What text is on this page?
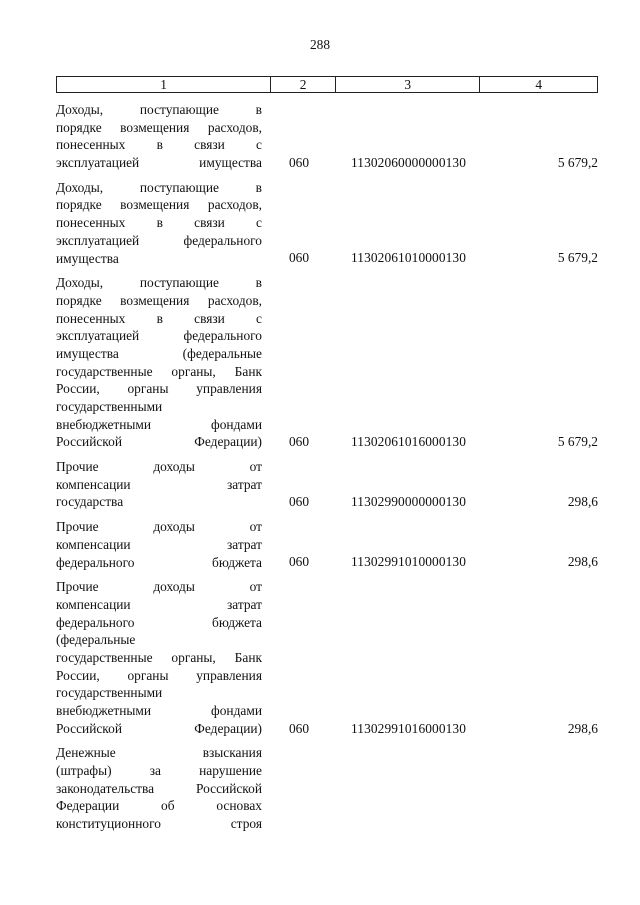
288
1	2	3	4
Доходы, поступающие в
порядке возмещения расходов,
понесенных в связи с
эксплуатацией имущества	060	11302060000000130	5 679,2
Доходы, поступающие в
порядке возмещения расходов,
понесенных в связи с
эксплуатацией федерального
имущества	060	11302061010000130	5 679,2
Доходы, поступающие в
порядке возмещения расходов,
понесенных в связи с
эксплуатацией федерального
имущества (федеральные
государственные органы, Банк
России, органы управления
государственными
внебюджетными фондами
Российской Федерации)	060	11302061016000130	5 679,2
Прочие доходы от
компенсации затрат
государства	060	11302990000000130	298,6
Прочие доходы от
компенсации затрат
федерального бюджета	060	11302991010000130	298,6
Прочие доходы от
компенсации затрат
федерального бюджета
(федеральные
государственные органы, Банк
России, органы управления
государственными
внебюджетными фондами
Российской Федерации)	060	11302991016000130	298,6
Денежные взыскания
(штрафы) за нарушение
законодательства Российской
Федерации об основах
конституционного строя
